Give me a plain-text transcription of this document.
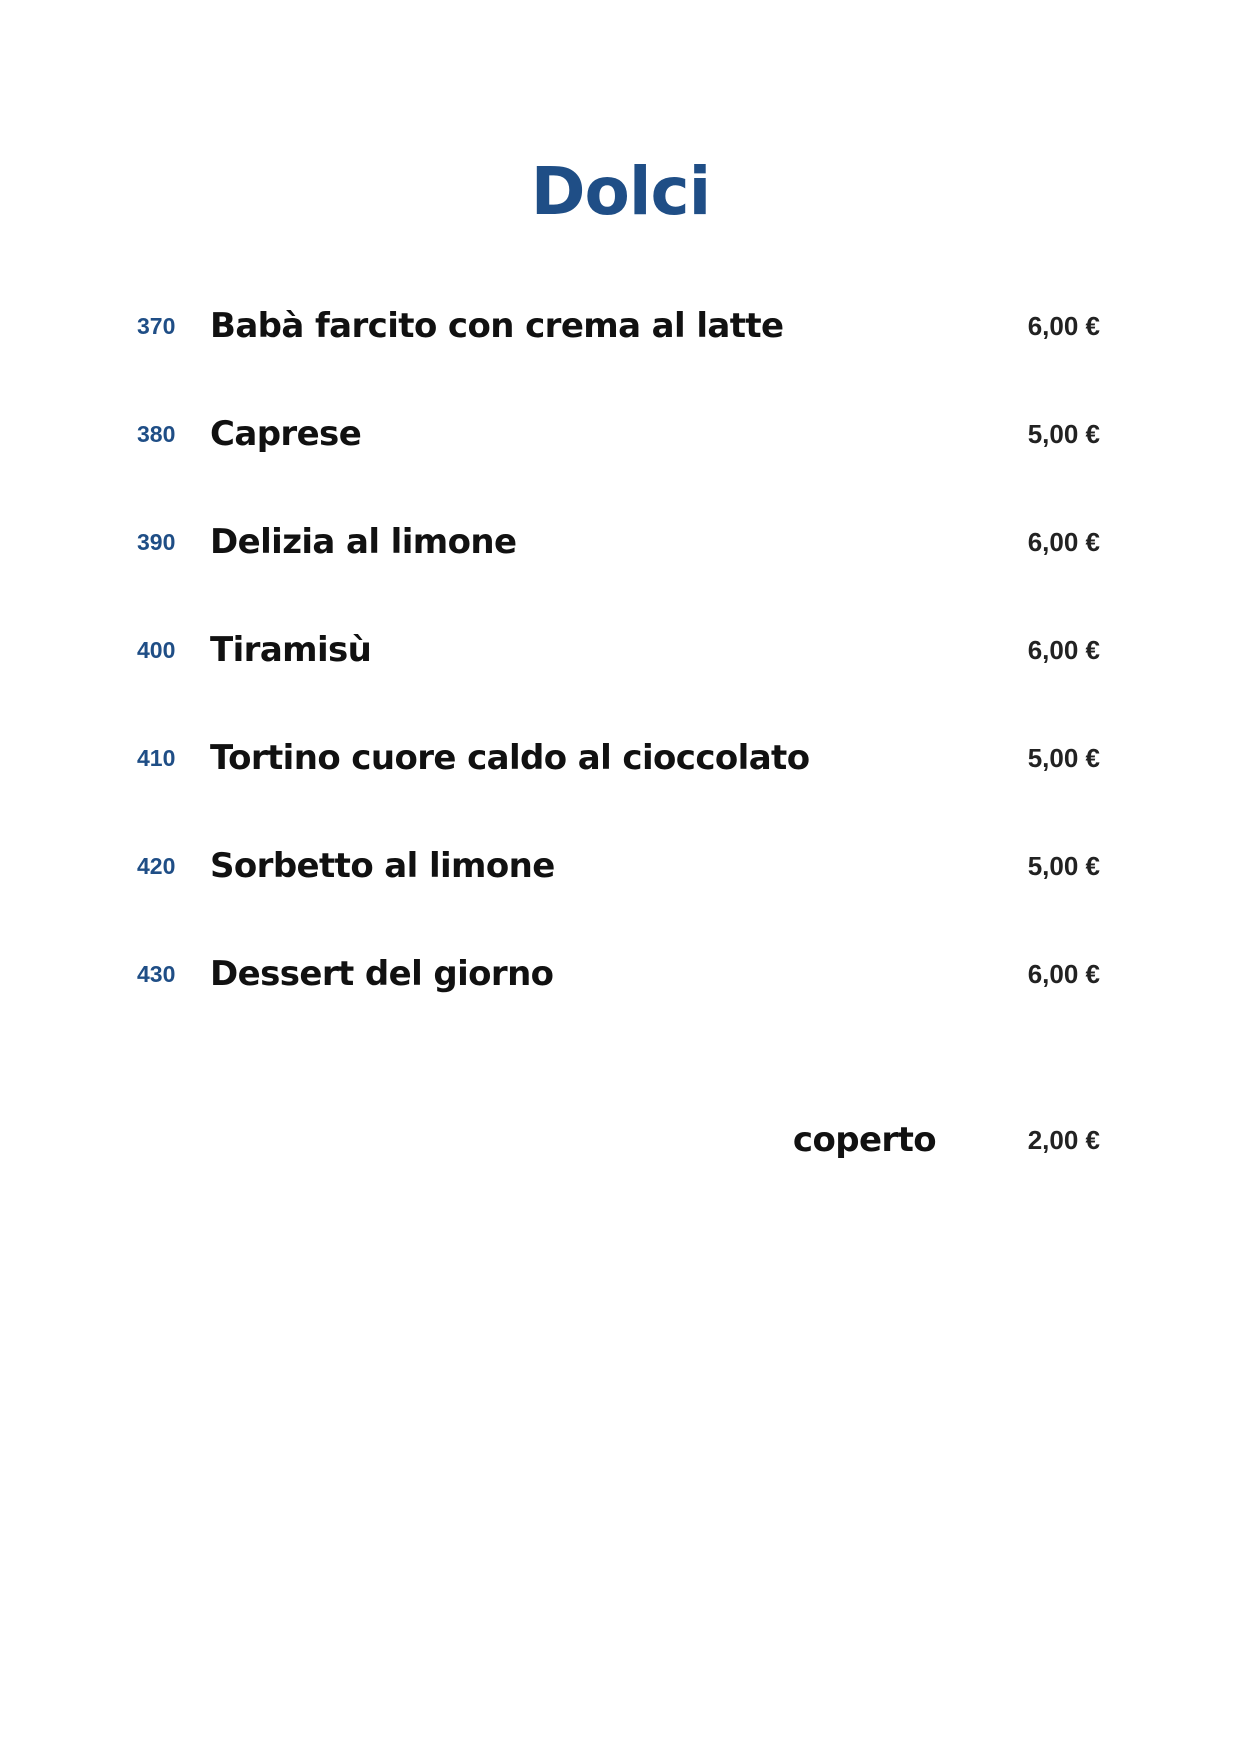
Dolci
370 Babà farcito con crema al latte	6,00 €
380 Caprese	5,00 €
390 Delizia al limone	6,00 €
400 Tiramisù	6,00 €
410 Tortino cuore caldo al cioccolato	5,00 €
420 Sorbetto al limone	5,00 €
430 Dessert del giorno	6,00 €
coperto	2,00 €
